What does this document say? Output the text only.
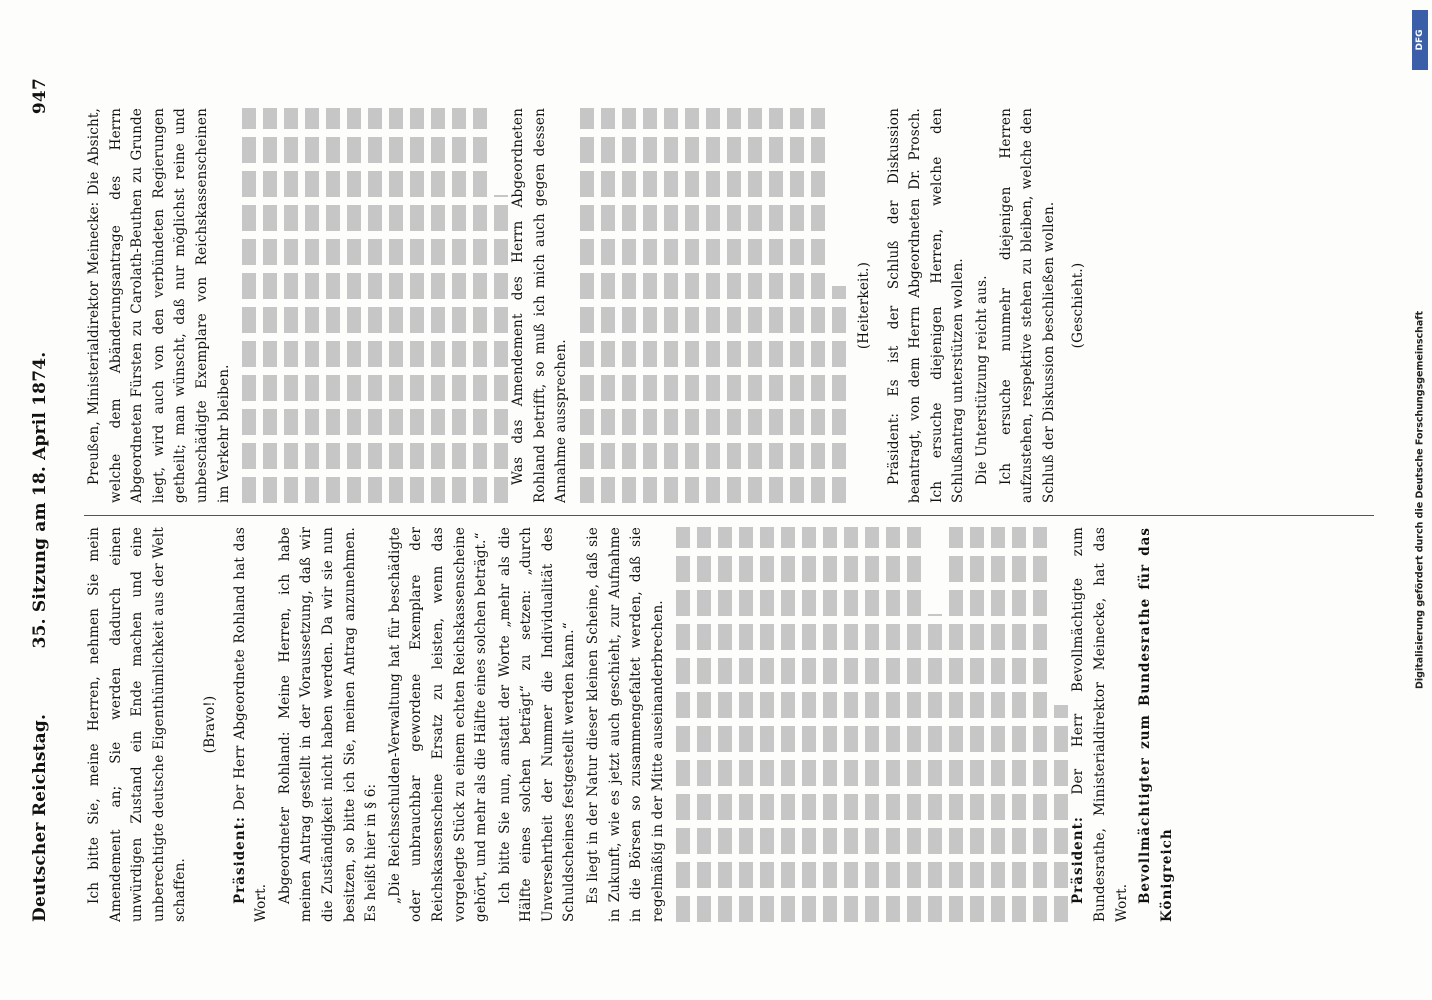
Deutscher Reichstag.
35. Sitzung am 18. April 1874.
947

Ich bitte Sie, meine Herren, nehmen Sie mein Amendement an; Sie werden dadurch einen unwürdigen Zustand ein Ende machen und eine unberechtigte deutsche Eigenthümlichkeit aus der Welt schaffen.

(Bravo!)

Präsident: Der Herr Abgeordnete Rohland hat das Wort. Abgeordneter Rohland: Meine Herren, ich habe meinen Antrag gestellt in der Voraussetzung, daß wir die Zuständigkeit nicht haben werden. Da wir sie nun besitzen, so bitte ich Sie, meinen Antrag anzunehmen. Es heißt hier in § 6: „Die Reichsschulden-Verwaltung hat für beschädigte oder unbrauchbar gewordene Exemplare der Reichskassenscheine Ersatz zu leisten, wenn das vorgelegte Stück zu einem echten Reichskassenscheine gehört, und mehr als die Hälfte eines solchen beträgt.“ Ich bitte Sie nun, anstatt der Worte „mehr als die Hälfte eines solchen beträgt“ zu setzen: „durch Unversehrtheit der Nummer die Individualität des Schuldscheines festgestellt werden kann.“ Es liegt in der Natur dieser kleinen Scheine, daß sie in Zukunft, wie es jetzt auch geschieht, zur Aufnahme in die Börsen so zusammengefaltet werden, daß sie regelmäßig in der Mitte auseinanderbrechen.	Präsident: Der Herr Bevollmächtigte zum Bundesrathe, Ministerialdirektor Meinecke, hat das Wort. Bevollmächtigter zum Bundesrathe für das Königreich

Preußen, Ministerialdirektor Meinecke: Die Absicht, welche dem Abänderungsantrage des Herrn Abgeordneten Fürsten zu Carolath-Beuthen zu Grunde liegt, wird auch von den verbündeten Regierungen getheilt; man wünscht, daß nur möglichst reine und unbeschädigte Exemplare von Reichskassenscheinen im Verkehr bleiben.	Was das Amendement des Herrn Abgeordneten Rohland betrifft, so muß ich mich auch gegen dessen Annahme aussprechen.

(Heiterkeit.) Präsident: Es ist der Schluß der Diskussion beantragt, von dem Herrn Abgeordneten Dr. Prosch. Ich ersuche diejenigen Herren, welche den Schlußantrag unterstützen wollen. Die Unterstützung reicht aus. Ich ersuche nunmehr diejenigen Herren aufzustehen, respektive stehen zu bleiben, welche den Schluß der Diskussion beschließen wollen. (Geschieht.)

DFG
Digitalisierung gefördert durch die Deutsche Forschungsgemeinschaft
